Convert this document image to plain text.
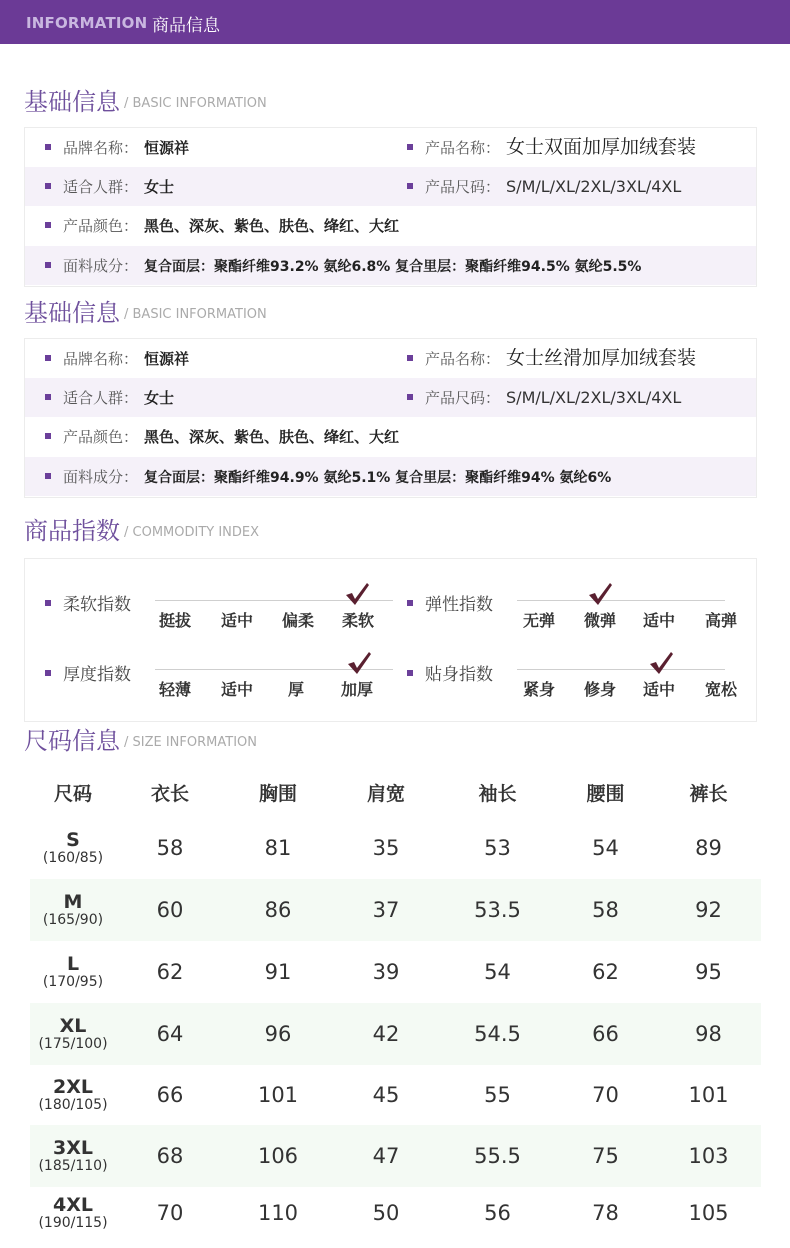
INFORMATION 商品信息
基础信息 / BASIC INFORMATION
品牌名称： 恒源祥	产品名称： 女士双面加厚加绒套装
适合人群： 女士	产品尺码： S/M/L/XL/2XL/3XL/4XL
产品颜色： 黑色、深灰、紫色、肤色、绛红、大红
面料成分： 复合面层：聚酯纤维93.2% 氨纶6.8% 复合里层：聚酯纤维94.5% 氨纶5.5%
基础信息 / BASIC INFORMATION
品牌名称： 恒源祥	产品名称： 女士丝滑加厚加绒套装
适合人群： 女士	产品尺码： S/M/L/XL/2XL/3XL/4XL
产品颜色： 黑色、深灰、紫色、肤色、绛红、大红
面料成分： 复合面层：聚酯纤维94.9% 氨纶5.1% 复合里层：聚酯纤维94% 氨纶6%
商品指数 / COMMODITY INDEX
柔软指数
挺拔	适中	偏柔	柔软
弹性指数
无弹	微弹	适中	高弹
厚度指数
轻薄	适中	厚	加厚
贴身指数
紧身	修身	适中	宽松
尺码信息 / SIZE INFORMATION
尺码	衣长	胸围	肩宽	袖长	腰围	裤长

S
(160/85)	58	81	35	53	54	89

M
(165/90)	60	86	37	53.5	58	92

L
(170/95)	62	91	39	54	62	95

XL
(175/100)	64	96	42	54.5	66	98

2XL
(180/105)	66	101	45	55	70	101

3XL
(185/110)	68	106	47	55.5	75	103

4XL
(190/115)	70	110	50	56	78	105
